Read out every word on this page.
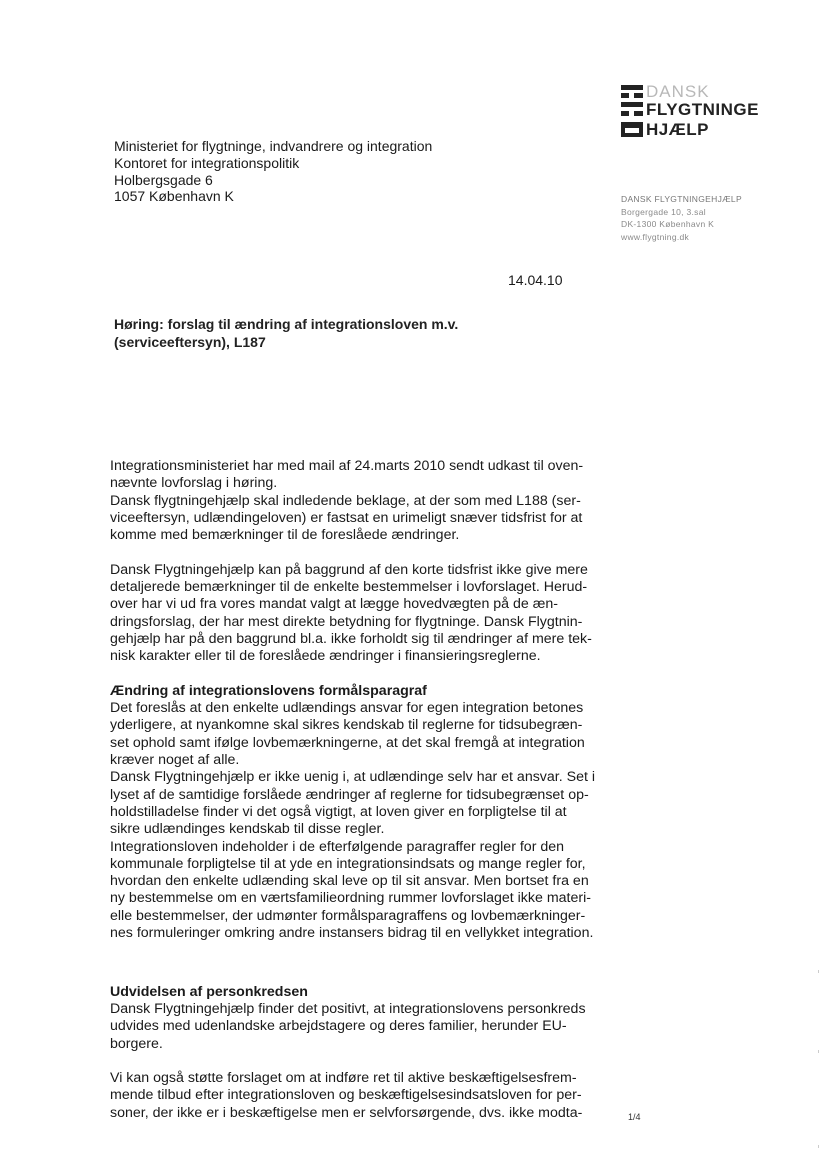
DANSK
FLYGTNINGE
HJÆLP
DANSK FLYGTNINGEHJÆLP
Borgergade 10, 3.sal
DK-1300 København K
www.flygtning.dk
Ministeriet for flygtninge, indvandrere og integration
Kontoret for integrationspolitik
Holbergsgade 6
1057 København K
14.04.10
Høring: forslag til ændring af integrationsloven m.v.
(serviceeftersyn), L187
Integrationsministeriet har med mail af 24.marts 2010 sendt udkast til oven-
nævnte lovforslag i høring.
Dansk flygtningehjælp skal indledende beklage, at der som med L188 (ser-
viceeftersyn, udlændingeloven) er fastsat en urimeligt snæver tidsfrist for at
komme med bemærkninger til de foreslåede ændringer.
Dansk Flygtningehjælp kan på baggrund af den korte tidsfrist ikke give mere
detaljerede bemærkninger til de enkelte bestemmelser i lovforslaget. Herud-
over har vi ud fra vores mandat valgt at lægge hovedvægten på de æn-
dringsforslag, der har mest direkte betydning for flygtninge. Dansk Flygtnin-
gehjælp har på den baggrund bl.a. ikke forholdt sig til ændringer af mere tek-
nisk karakter eller til de foreslåede ændringer i finansieringsreglerne.
Ændring af integrationslovens formålsparagraf
Det foreslås at den enkelte udlændings ansvar for egen integration betones
yderligere, at nyankomne skal sikres kendskab til reglerne for tidsubegræn-
set ophold samt ifølge lovbemærkningerne, at det skal fremgå at integration
kræver noget af alle.
Dansk Flygtningehjælp er ikke uenig i, at udlændinge selv har et ansvar. Set i
lyset af de samtidige forslåede ændringer af reglerne for tidsubegrænset op-
holdstilladelse finder vi det også vigtigt, at loven giver en forpligtelse til at
sikre udlændinges kendskab til disse regler.
Integrationsloven indeholder i de efterfølgende paragraffer regler for den
kommunale forpligtelse til at yde en integrationsindsats og mange regler for,
hvordan den enkelte udlænding skal leve op til sit ansvar. Men bortset fra en
ny bestemmelse om en værtsfamilieordning rummer lovforslaget ikke materi-
elle bestemmelser, der udmønter formålsparagraffens og lovbemærkninger-
nes formuleringer omkring andre instansers bidrag til en vellykket integration.
Udvidelsen af personkredsen
Dansk Flygtningehjælp finder det positivt, at integrationslovens personkreds
udvides med udenlandske arbejdstagere og deres familier, herunder EU-
borgere.
Vi kan også støtte forslaget om at indføre ret til aktive beskæftigelsesfrem-
mende tilbud efter integrationsloven og beskæftigelsesindsatsloven for per-
soner, der ikke er i beskæftigelse men er selvforsørgende, dvs. ikke modta-	1/4
